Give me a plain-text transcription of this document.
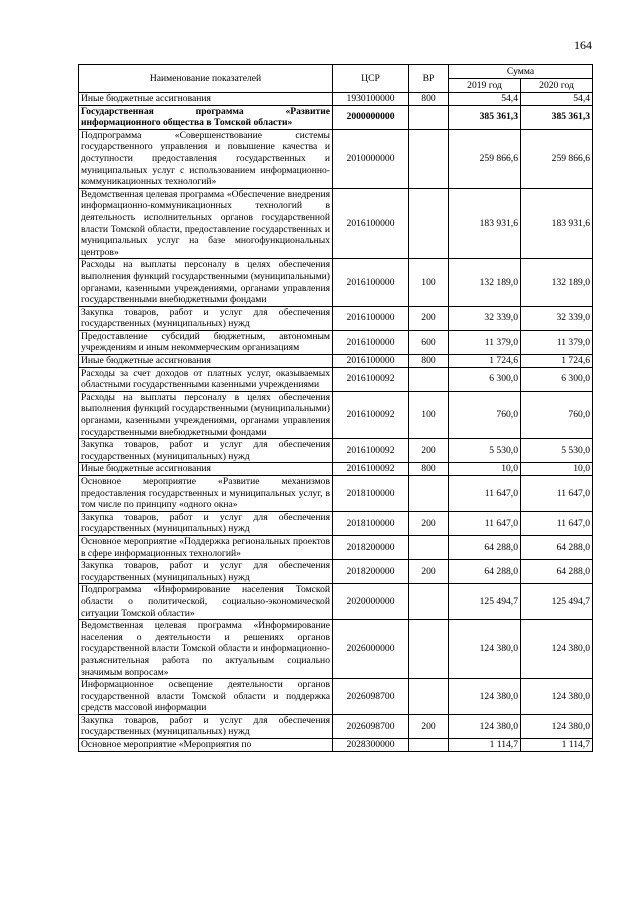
164
Наименование показателей	ЦСР	ВР	Сумма	
			2019 год	2020 год
Иные бюджетные ассигнования	1930100000	800	54,4	54,4
Государственная программа «Развитие информационного общества в Томской области»	2000000000		385 361,3	385 361,3
Подпрограмма «Совершенствование системы государственного управления и повышение качества и доступности предоставления государственных и муниципальных услуг с использованием информационно-коммуникационных технологий»	2010000000		259 866,6	259 866,6
Ведомственная целевая программа «Обеспечение внедрения информационно-коммуникационных технологий в деятельность исполнительных органов государственной власти Томской области, предоставление государственных и муниципальных услуг на базе многофункциональных центров»	2016100000		183 931,6	183 931,6
Расходы на выплаты персоналу в целях обеспечения выполнения функций государственными (муниципальными) органами, казенными учреждениями, органами управления государственными внебюджетными фондами	2016100000	100	132 189,0	132 189,0
Закупка товаров, работ и услуг для обеспечения государственных (муниципальных) нужд	2016100000	200	32 339,0	32 339,0
Предоставление субсидий бюджетным, автономным учреждениям и иным некоммерческим организациям	2016100000	600	11 379,0	11 379,0
Иные бюджетные ассигнования	2016100000	800	1 724,6	1 724,6
Расходы за счет доходов от платных услуг, оказываемых областными государственными казенными учреждениями	2016100092		6 300,0	6 300,0
Расходы на выплаты персоналу в целях обеспечения выполнения функций государственными (муниципальными) органами, казенными учреждениями, органами управления государственными внебюджетными фондами	2016100092	100	760,0	760,0
Закупка товаров, работ и услуг для обеспечения государственных (муниципальных) нужд	2016100092	200	5 530,0	5 530,0
Иные бюджетные ассигнования	2016100092	800	10,0	10,0
Основное мероприятие «Развитие механизмов предоставления государственных и муниципальных услуг, в том числе по принципу «одного окна»	2018100000		11 647,0	11 647,0
Закупка товаров, работ и услуг для обеспечения государственных (муниципальных) нужд	2018100000	200	11 647,0	11 647,0
Основное мероприятие «Поддержка региональных проектов в сфере информационных технологий»	2018200000		64 288,0	64 288,0
Закупка товаров, работ и услуг для обеспечения государственных (муниципальных) нужд	2018200000	200	64 288,0	64 288,0
Подпрограмма «Информирование населения Томской области о политической, социально-экономической ситуации Томской области»	2020000000		125 494,7	125 494,7
Ведомственная целевая программа «Информирование населения о деятельности и решениях органов государственной власти Томской области и информационно-разъяснительная работа по актуальным социально значимым вопросам»	2026000000		124 380,0	124 380,0
Информационное освещение деятельности органов государственной власти Томской области и поддержка средств массовой информации	2026098700		124 380,0	124 380,0
Закупка товаров, работ и услуг для обеспечения государственных (муниципальных) нужд	2026098700	200	124 380,0	124 380,0
Основное мероприятие «Мероприятия по	2028300000		1 114,7	1 114,7
